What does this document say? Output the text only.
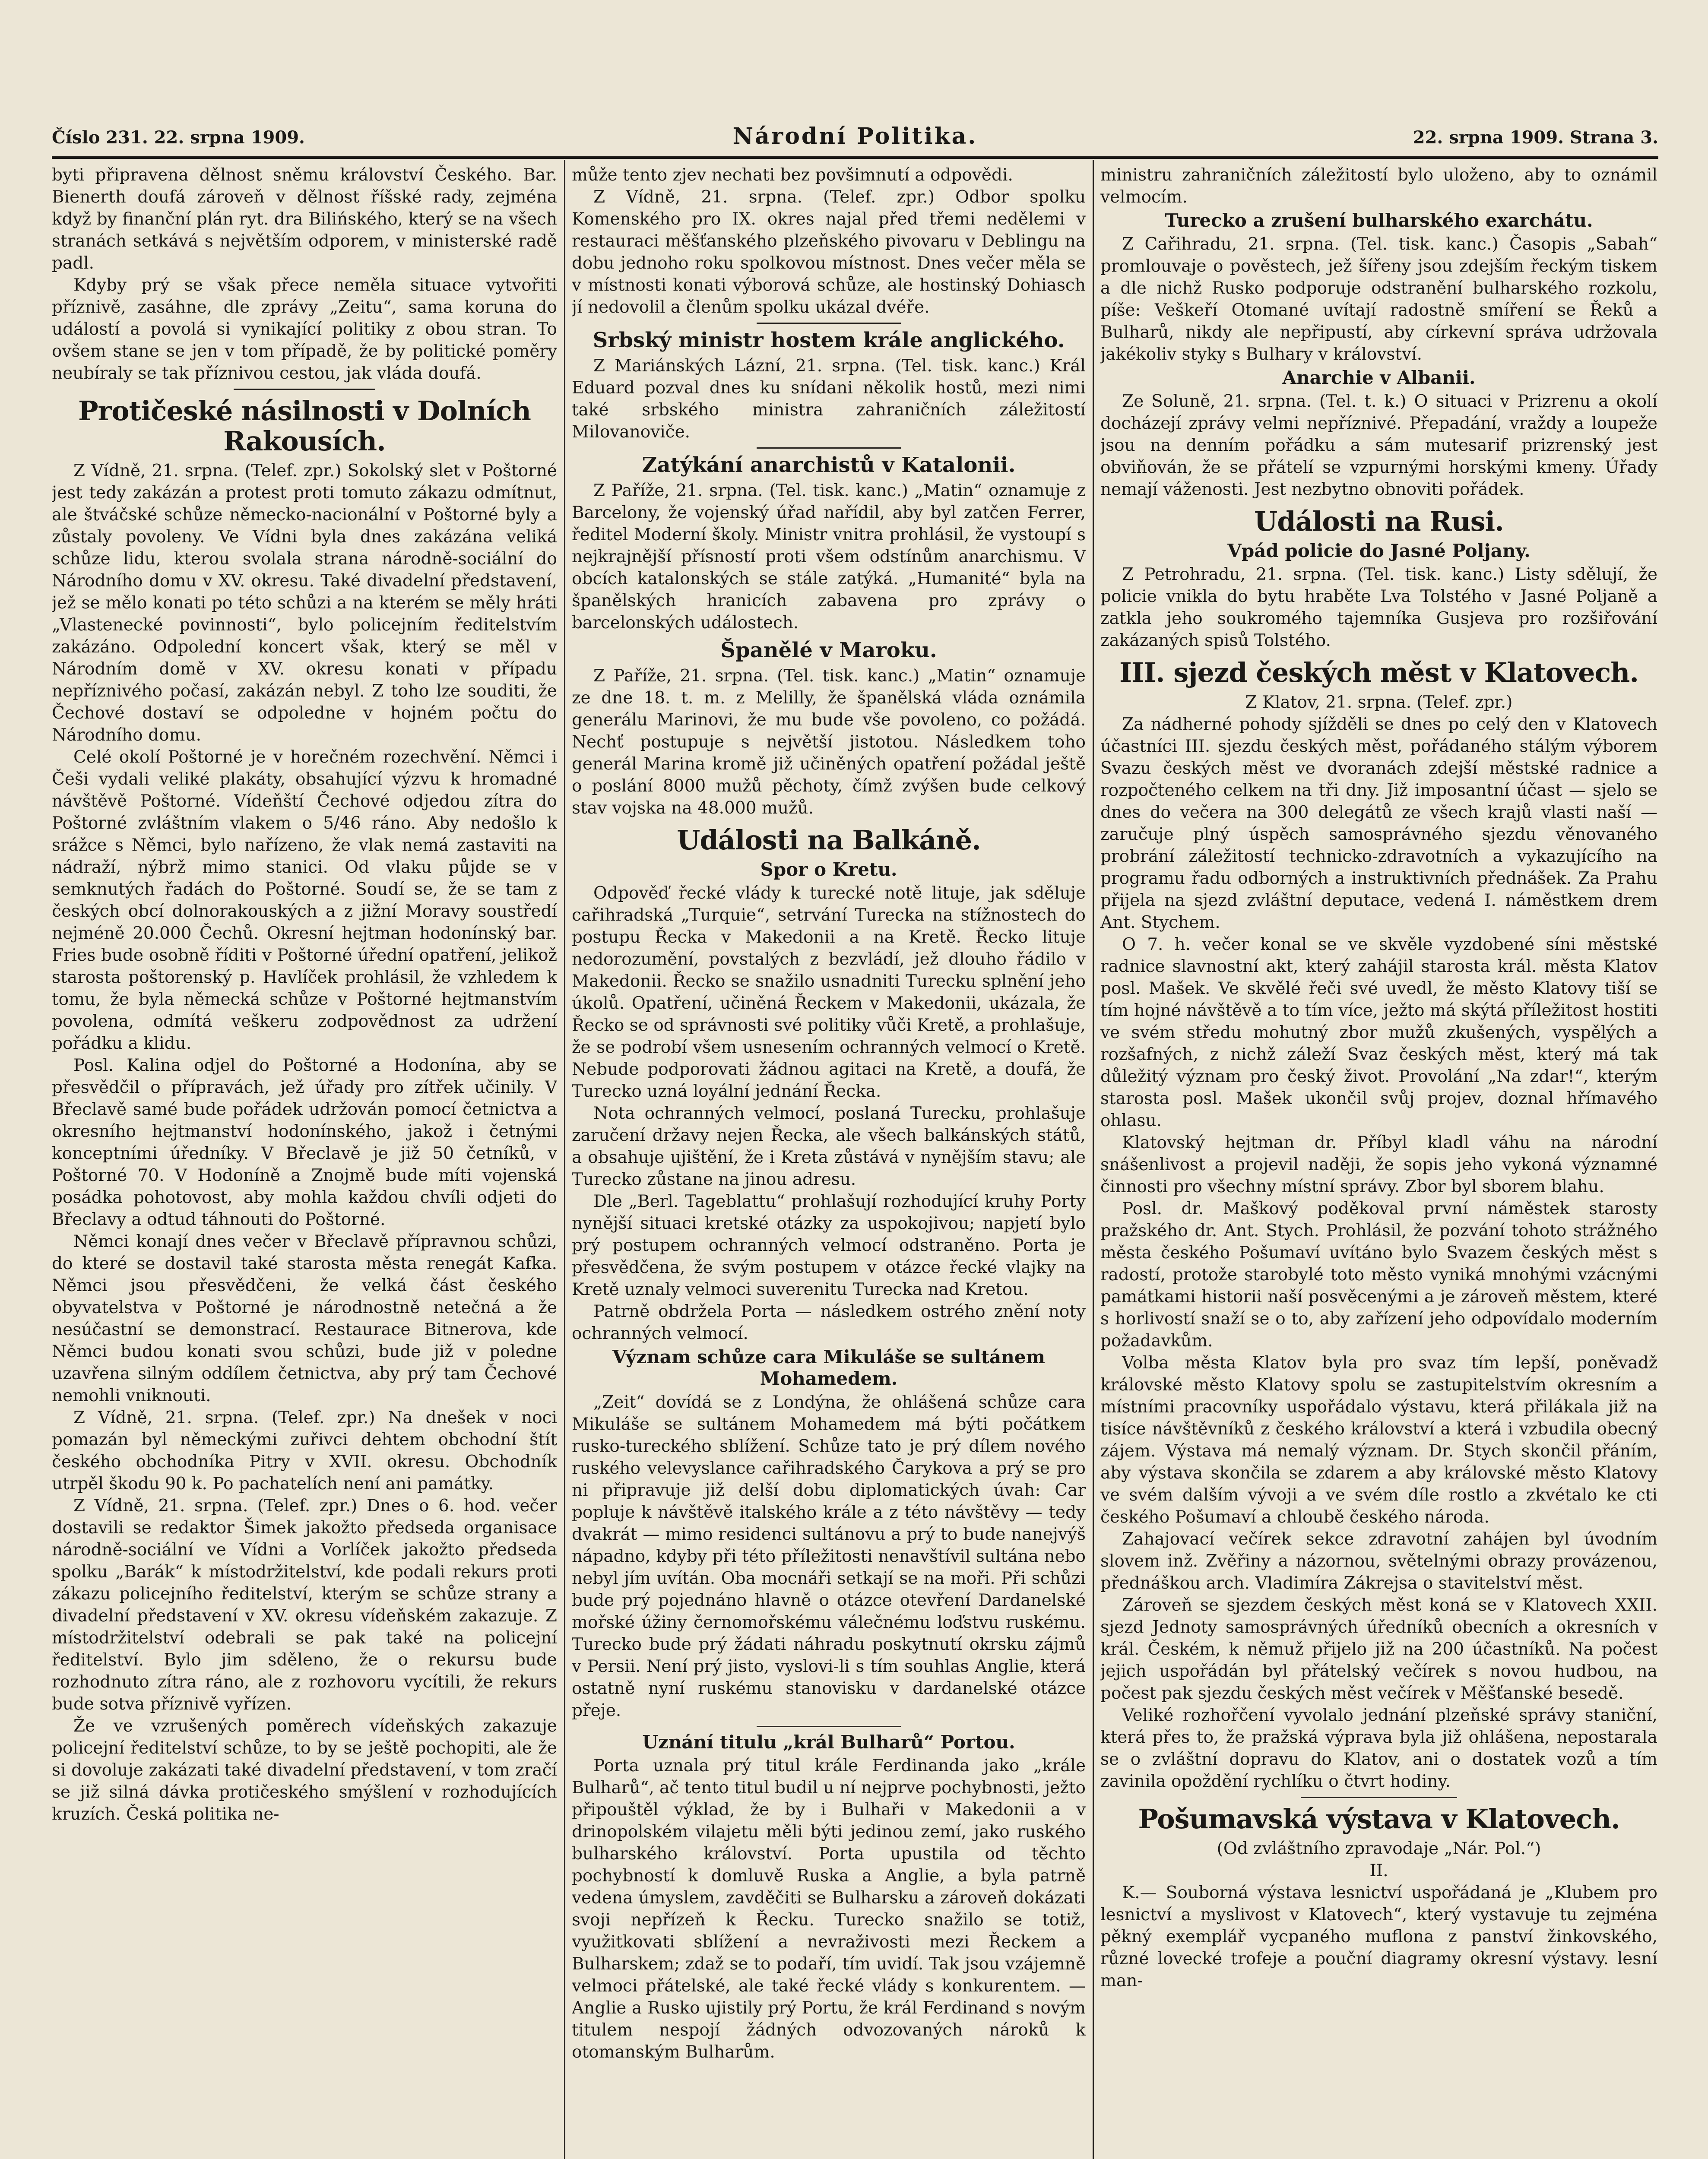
Číslo 231. 22. srpna 1909.	Národní Politika.	22. srpna 1909. Strana 3.

byti připravena dělnost sněmu království Českého. Bar. Bienerth doufá zároveň v dělnost říšské rady, zejména když by finanční plán ryt. dra Bilińského, který se na všech stranách setkává s největším odporem, v ministerské radě padl.

Kdyby prý se však přece neměla situace vytvořiti příznivě, zasáhne, dle zprávy „Zeitu“, sama koruna do událostí a povolá si vynikající politiky z obou stran. To ovšem stane se jen v tom případě, že by politické poměry neubíraly se tak příznivou cestou, jak vláda doufá.

Protičeské násilnosti v Dolních Rakousích.

Z Vídně, 21. srpna. (Telef. zpr.) Sokolský slet v Poštorné jest tedy zakázán a protest proti tomuto zákazu odmítnut, ale štváčské schůze německo-nacionální v Poštorné byly a zůstaly povoleny. Ve Vídni byla dnes zakázána veliká schůze lidu, kterou svolala strana národně-sociální do Národního domu v XV. okresu. Také divadelní představení, jež se mělo konati po této schůzi a na kterém se měly hráti „Vlastenecké povinnosti“, bylo policejním ředitelstvím zakázáno. Odpolední koncert však, který se měl v Národním domě v XV. okresu konati v případu nepříznivého počasí, zakázán nebyl. Z toho lze souditi, že Čechové dostaví se odpoledne v hojném počtu do Národního domu.

Celé okolí Poštorné je v horečném rozechvění. Němci i Češi vydali veliké plakáty, obsahující výzvu k hromadné návštěvě Poštorné. Vídeňští Čechové odjedou zítra do Poštorné zvláštním vlakem o 5/46 ráno. Aby nedošlo k srážce s Němci, bylo nařízeno, že vlak nemá zastaviti na nádraží, nýbrž mimo stanici. Od vlaku půjde se v semknutých řadách do Poštorné. Soudí se, že se tam z českých obcí dolnorakouských a z jižní Moravy soustředí nejméně 20.000 Čechů. Okresní hejtman hodonínský bar. Fries bude osobně říditi v Poštorné úřední opatření, jelikož starosta poštorenský p. Havlíček prohlásil, že vzhledem k tomu, že byla německá schůze v Poštorné hejtmanstvím povolena, odmítá veškeru zodpovědnost za udržení pořádku a klidu.

Posl. Kalina odjel do Poštorné a Hodonína, aby se přesvědčil o přípravách, jež úřady pro zítřek učinily. V Břeclavě samé bude pořádek udržován pomocí četnictva a okresního hejtmanství hodonínského, jakož i četnými konceptními úředníky. V Břeclavě je již 50 četníků, v Poštorné 70. V Hodoníně a Znojmě bude míti vojenská posádka pohotovost, aby mohla každou chvíli odjeti do Břeclavy a odtud táhnouti do Poštorné.

Němci konají dnes večer v Břeclavě přípravnou schůzi, do které se dostavil také starosta města renegát Kafka. Němci jsou přesvědčeni, že velká část českého obyvatelstva v Poštorné je národnostně netečná a že nesúčastní se demonstrací. Restaurace Bitnerova, kde Němci budou konati svou schůzi, bude již v poledne uzavřena silným oddílem četnictva, aby prý tam Čechové nemohli vniknouti.

Z Vídně, 21. srpna. (Telef. zpr.) Na dnešek v noci pomazán byl německými zuřivci dehtem obchodní štít českého obchodníka Pitry v XVII. okresu. Obchodník utrpěl škodu 90 k. Po pachatelích není ani památky.

Z Vídně, 21. srpna. (Telef. zpr.) Dnes o 6. hod. večer dostavili se redaktor Šimek jakožto předseda organisace národně-sociální ve Vídni a Vorlíček jakožto předseda spolku „Barák“ k místodržitelství, kde podali rekurs proti zákazu policejního ředitelství, kterým se schůze strany a divadelní představení v XV. okresu vídeňském zakazuje. Z místodržitelství odebrali se pak také na policejní ředitelství. Bylo jim sděleno, že o rekursu bude rozhodnuto zítra ráno, ale z rozhovoru vycítili, že rekurs bude sotva příznivě vyřízen.

Že ve vzrušených poměrech vídeňských zakazuje policejní ředitelství schůze, to by se ještě pochopiti, ale že si dovoluje zakázati také divadelní představení, v tom zračí se již silná dávka protičeského smýšlení v rozhodujících kruzích. Česká politika ne-

může tento zjev nechati bez povšimnutí a odpovědi.

Z Vídně, 21. srpna. (Telef. zpr.) Odbor spolku Komenského pro IX. okres najal před třemi nedělemi v restauraci měšťanského plzeňského pivovaru v Deblingu na dobu jednoho roku spolkovou místnost. Dnes večer měla se v místnosti konati výborová schůze, ale hostinský Dohiasch jí nedovolil a členům spolku ukázal dvéře.

Srbský ministr hostem krále anglického.

Z Mariánských Lázní, 21. srpna. (Tel. tisk. kanc.) Král Eduard pozval dnes ku snídani několik hostů, mezi nimi také srbského ministra zahraničních záležitostí Milovanoviče.

Zatýkání anarchistů v Katalonii.

Z Paříže, 21. srpna. (Tel. tisk. kanc.) „Matin“ oznamuje z Barcelony, že vojenský úřad nařídil, aby byl zatčen Ferrer, ředitel Moderní školy. Ministr vnitra prohlásil, že vystoupí s nejkrajnější přísností proti všem odstínům anarchismu. V obcích katalonských se stále zatýká. „Humanité“ byla na španělských hranicích zabavena pro zprávy o barcelonských událostech.

Španělé v Maroku.

Z Paříže, 21. srpna. (Tel. tisk. kanc.) „Matin“ oznamuje ze dne 18. t. m. z Melilly, že španělská vláda oznámila generálu Marinovi, že mu bude vše povoleno, co požádá. Nechť postupuje s největší jistotou. Následkem toho generál Marina kromě již učiněných opatření požádal ještě o poslání 8000 mužů pěchoty, čímž zvýšen bude celkový stav vojska na 48.000 mužů.

Události na Balkáně.
Spor o Kretu.

Odpověď řecké vlády k turecké notě lituje, jak sděluje cařihradská „Turquie“, setrvání Turecka na stížnostech do postupu Řecka v Makedonii a na Kretě. Řecko lituje nedorozumění, povstalých z bezvládí, jež dlouho řádilo v Makedonii. Řecko se snažilo usnadniti Turecku splnění jeho úkolů. Opatření, učiněná Řeckem v Makedonii, ukázala, že Řecko se od správnosti své politiky vůči Kretě, a prohlašuje, že se podrobí všem usnesením ochranných velmocí o Kretě. Nebude podporovati žádnou agitaci na Kretě, a doufá, že Turecko uzná loyální jednání Řecka.

Nota ochranných velmocí, poslaná Turecku, prohlašuje zaručení državy nejen Řecka, ale všech balkánských států, a obsahuje ujištění, že i Kreta zůstává v nynějším stavu; ale Turecko zůstane na jinou adresu.

Dle „Berl. Tageblattu“ prohlašují rozhodující kruhy Porty nynější situaci kretské otázky za uspokojivou; napjetí bylo prý postupem ochranných velmocí odstraněno. Porta je přesvědčena, že svým postupem v otázce řecké vlajky na Kretě uznaly velmoci suverenitu Turecka nad Kretou.

Patrně obdržela Porta — následkem ostrého znění noty ochranných velmocí.

Význam schůze cara Mikuláše se sultánem Mohamedem.

„Zeit“ dovídá se z Londýna, že ohlášená schůze cara Mikuláše se sultánem Mohamedem má býti počátkem rusko-tureckého sblížení. Schůze tato je prý dílem nového ruského velevyslance cařihradského Čarykova a prý se pro ni připravuje již delší dobu diplomatických úvah: Car popluje k návštěvě italského krále a z této návštěvy — tedy dvakrát — mimo residenci sultánovu a prý to bude nanejvýš nápadno, kdyby při této příležitosti nenavštívil sultána nebo nebyl jím uvítán. Oba mocnáři setkají se na moři. Při schůzi bude prý pojednáno hlavně o otázce otevření Dardanelské mořské úžiny černomořskému válečnému loďstvu ruskému. Turecko bude prý žádati náhradu poskytnutí okrsku zájmů v Persii. Není prý jisto, vyslovi-li s tím souhlas Anglie, která ostatně nyní ruskému stanovisku v dardanelské otázce přeje.

Uznání titulu „král Bulharů“ Portou.

Porta uznala prý titul krále Ferdinanda jako „krále Bulharů“, ač tento titul budil u ní nejprve pochybnosti, ježto připouštěl výklad, že by i Bulhaři v Makedonii a v drinopolském vilajetu měli býti jedinou zemí, jako ruského bulharského království. Porta upustila od těchto pochybností k domluvě Ruska a Anglie, a byla patrně vedena úmyslem, zavděčiti se Bulharsku a zároveň dokázati svoji nepřízeň k Řecku. Turecko snažilo se totiž, využitkovati sblížení a nevraživosti mezi Řeckem a Bulharskem; zdaž se to podaří, tím uvidí. Tak jsou vzájemně velmoci přátelské, ale také řecké vlády s konkurentem. — Anglie a Rusko ujistily prý Portu, že král Ferdinand s novým titulem nespojí žádných odvozovaných nároků k otomanským Bulharům.

ministru zahraničních záležitostí bylo uloženo, aby to oznámil velmocím.

Turecko a zrušení bulharského exarchátu.

Z Cařihradu, 21. srpna. (Tel. tisk. kanc.) Časopis „Sabah“ promlouvaje o pověstech, jež šířeny jsou zdejším řeckým tiskem a dle nichž Rusko podporuje odstranění bulharského rozkolu, píše: Veškeří Otomané uvítají radostně smíření se Řeků a Bulharů, nikdy ale nepřipustí, aby církevní správa udržovala jakékoliv styky s Bulhary v království.

Anarchie v Albanii.

Ze Soluně, 21. srpna. (Tel. t. k.) O situaci v Prizrenu a okolí docházejí zprávy velmi nepříznivé. Přepadání, vraždy a loupeže jsou na denním pořádku a sám mutesarif prizrenský jest obviňován, že se přátelí se vzpurnými horskými kmeny. Úřady nemají váženosti. Jest nezbytno obnoviti pořádek.

Události na Rusi.
Vpád policie do Jasné Poljany.

Z Petrohradu, 21. srpna. (Tel. tisk. kanc.) Listy sdělují, že policie vnikla do bytu hraběte Lva Tolstého v Jasné Poljaně a zatkla jeho soukromého tajemníka Gusjeva pro rozšiřování zakázaných spisů Tolstého.

III. sjezd českých měst v Klatovech.

Z Klatov, 21. srpna. (Telef. zpr.)

Za nádherné pohody sjížděli se dnes po celý den v Klatovech účastníci III. sjezdu českých měst, pořádaného stálým výborem Svazu českých měst ve dvoranách zdejší městské radnice a rozpočteného celkem na tři dny. Již imposantní účast — sjelo se dnes do večera na 300 delegátů ze všech krajů vlasti naší — zaručuje plný úspěch samosprávného sjezdu věnovaného probrání záležitostí technicko-zdravotních a vykazujícího na programu řadu odborných a instruktivních přednášek. Za Prahu přijela na sjezd zvláštní deputace, vedená I. náměstkem drem Ant. Stychem.

O 7. h. večer konal se ve skvěle vyzdobené síni městské radnice slavnostní akt, který zahájil starosta král. města Klatov posl. Mašek. Ve skvělé řeči své uvedl, že město Klatovy tiší se tím hojné návštěvě a to tím více, ježto má skýtá příležitost hostiti ve svém středu mohutný zbor mužů zkušených, vyspělých a rozšafných, z nichž záleží Svaz českých měst, který má tak důležitý význam pro český život. Provolání „Na zdar!“, kterým starosta posl. Mašek ukončil svůj projev, doznal hřímavého ohlasu.

Klatovský hejtman dr. Příbyl kladl váhu na národní snášenlivost a projevil naději, že sopis jeho vykoná významné činnosti pro všechny místní správy. Zbor byl sborem blahu.

Posl. dr. Maškový poděkoval první náměstek starosty pražského dr. Ant. Stych. Prohlásil, že pozvání tohoto strážného města českého Pošumaví uvítáno bylo Svazem českých měst s radostí, protože starobylé toto město vyniká mnohými vzácnými památkami historii naší posvěcenými a je zároveň městem, které s horlivostí snaží se o to, aby zařízení jeho odpovídalo moderním požadavkům.

Volba města Klatov byla pro svaz tím lepší, poněvadž královské město Klatovy spolu se zastupitelstvím okresním a místními pracovníky uspořádalo výstavu, která přilákala již na tisíce návštěvníků z českého království a která i vzbudila obecný zájem. Výstava má nemalý význam. Dr. Stych skončil přáním, aby výstava skončila se zdarem a aby královské město Klatovy ve svém dalším vývoji a ve svém díle rostlo a zkvétalo ke cti českého Pošumaví a chloubě českého národa.

Zahajovací večírek sekce zdravotní zahájen byl úvodním slovem inž. Zvěřiny a názornou, světelnými obrazy provázenou, přednáškou arch. Vladimíra Zákrejsa o stavitelství měst.

Zároveň se sjezdem českých měst koná se v Klatovech XXII. sjezd Jednoty samosprávných úředníků obecních a okresních v král. Českém, k němuž přijelo již na 200 účastníků. Na počest jejich uspořádán byl přátelský večírek s novou hudbou, na počest pak sjezdu českých měst večírek v Měšťanské besedě.

Veliké rozhořčení vyvolalo jednání plzeňské správy staniční, která přes to, že pražská výprava byla již ohlášena, nepostarala se o zvláštní dopravu do Klatov, ani o dostatek vozů a tím zavinila opoždění rychlíku o čtvrt hodiny.

Pošumavská výstava v Klatovech.

(Od zvláštního zpravodaje „Nár. Pol.“)

II.

K.— Souborná výstava lesnictví uspořádaná je „Klubem pro lesnictví a myslivost v Klatovech“, který vystavuje tu zejména pěkný exemplář vycpaného muflona z panství žinkovského, různé lovecké trofeje a pouční diagramy okresní výstavy. lesní man-
